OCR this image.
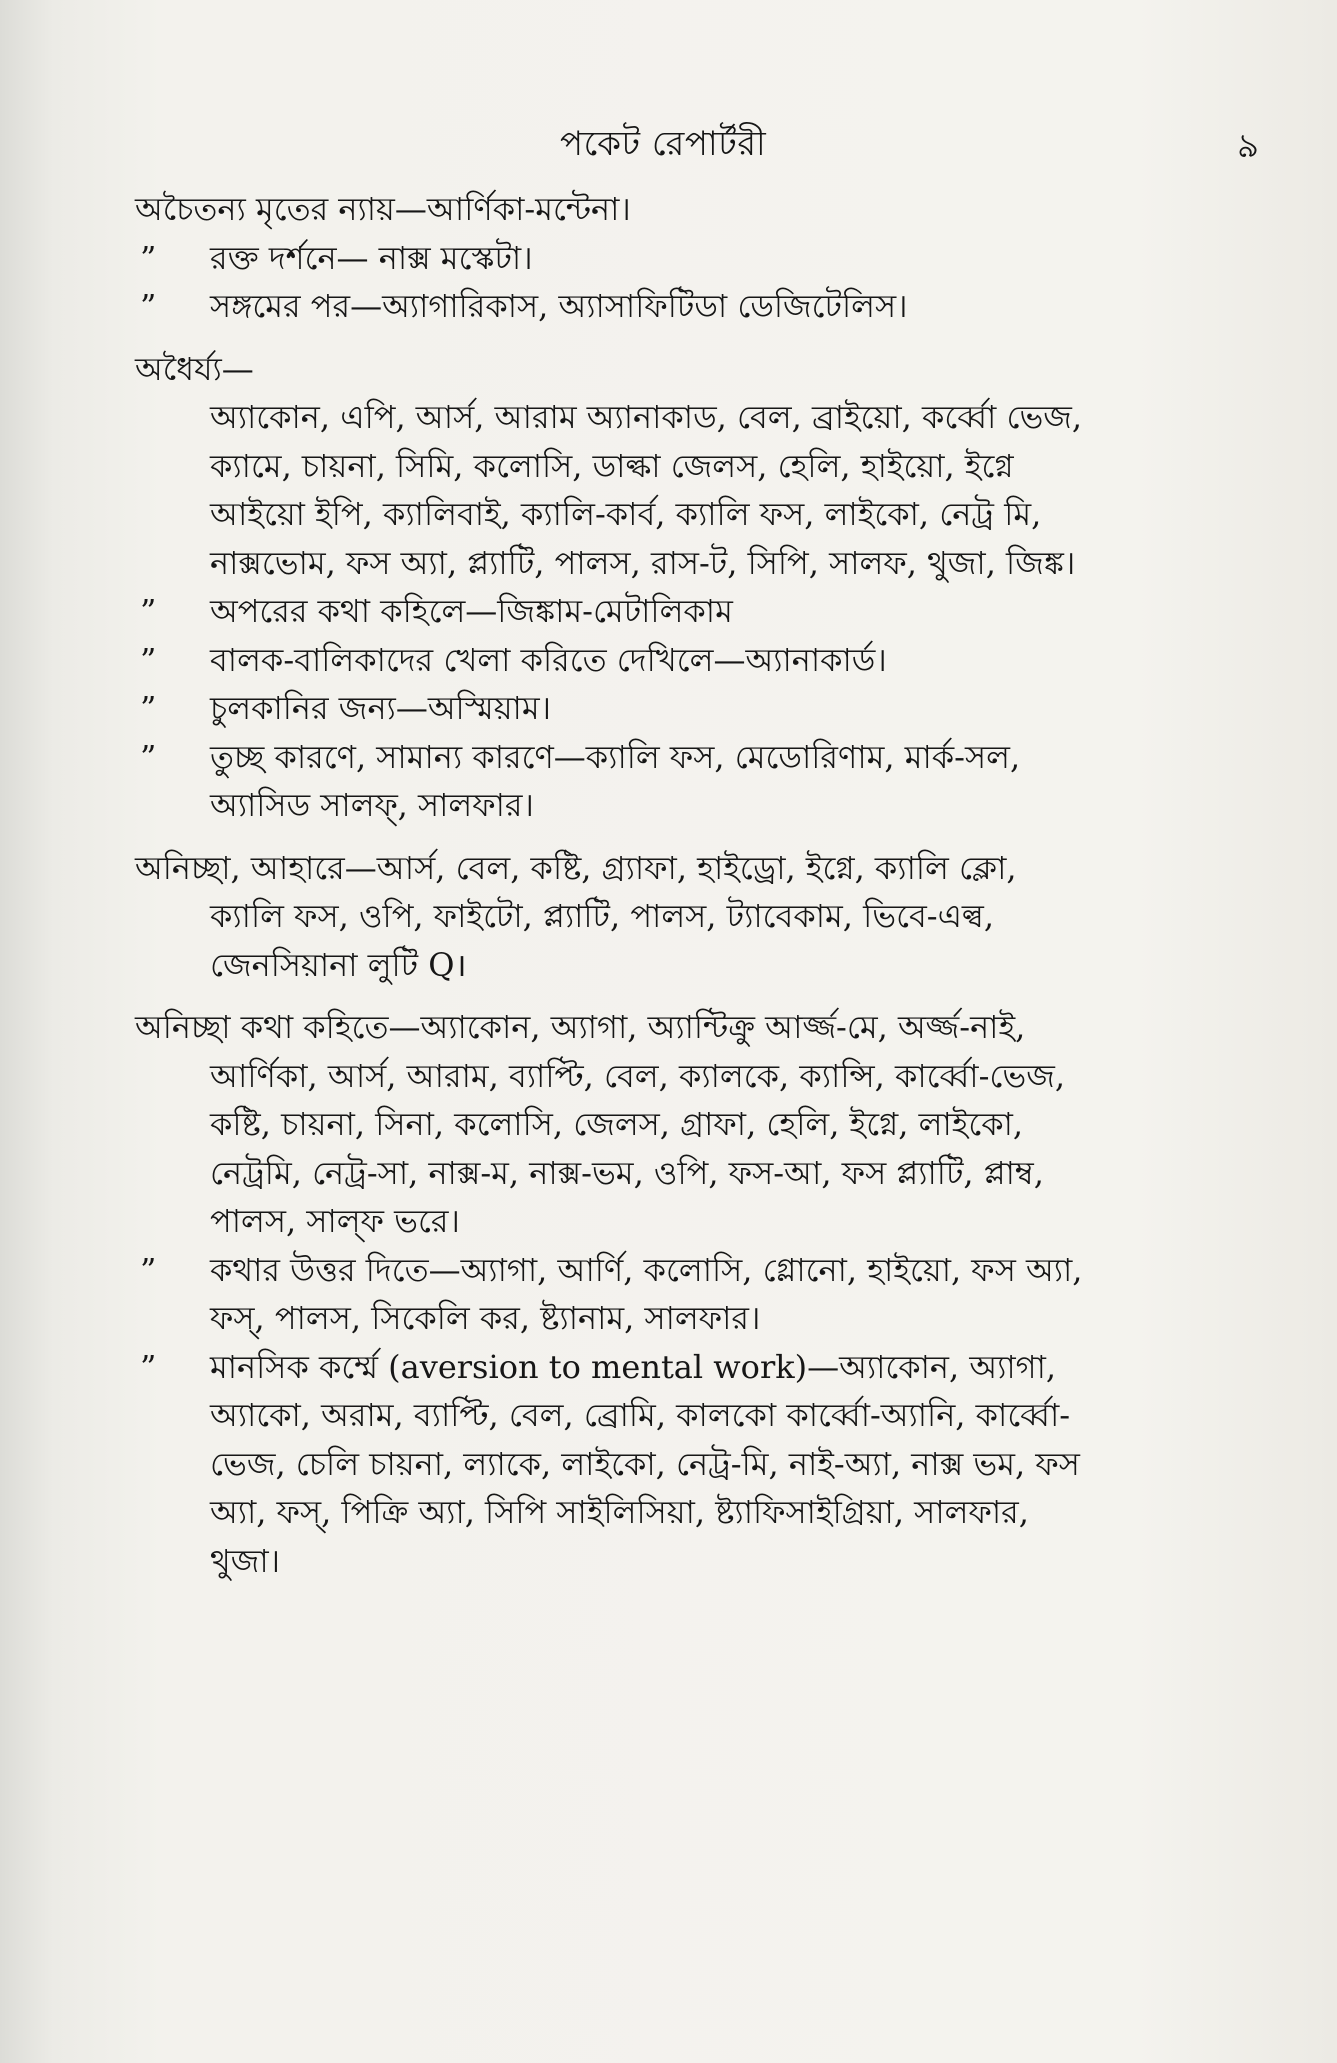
পকেট রেপার্টরী	৯
অচৈতন্য মৃতের ন্যায়—আর্ণিকা-মন্টেনা।
” রক্ত দর্শনে— নাক্স মস্কেটা।
” সঙ্গমের পর—অ্যাগারিকাস, অ্যাসাফিটিডা ডেজিটেলিস।
অধৈর্য্য—
অ্যাকোন, এপি, আর্স, আরাম অ্যানাকাড, বেল, ব্রাইয়ো, কর্ব্বো ভেজ,
ক্যামে, চায়না, সিমি, কলোসি, ডাল্কা জেলস, হেলি, হাইয়ো, ইগ্নে
আইয়ো ইপি, ক্যালিবাই, ক্যালি-কার্ব, ক্যালি ফস, লাইকো, নেট্র মি,
নাক্সভোম, ফস অ্যা, প্ল্যাটি, পালস, রাস-ট, সিপি, সালফ, থুজা, জিঙ্ক।
” অপরের কথা কহিলে—জিঙ্কাম-মেটালিকাম
” বালক-বালিকাদের খেলা করিতে দেখিলে—অ্যানাকার্ড।
” চুলকানির জন্য—অস্মিয়াম।
” তুচ্ছ কারণে, সামান্য কারণে—ক্যালি ফস, মেডোরিণাম, মার্ক-সল,
অ্যাসিড সালফ্, সালফার।
অনিচ্ছা, আহারে—আর্স, বেল, কষ্টি, গ্র্যাফা, হাইড্রো, ইগ্নে, ক্যালি ক্লো,
ক্যালি ফস, ওপি, ফাইটো, প্ল্যাটি, পালস, ট্যাবেকাম, ভিবে-এল্ব,
জেনসিয়ানা লুটি Q।
অনিচ্ছা কথা কহিতে—অ্যাকোন, অ্যাগা, অ্যান্টিক্রু আর্জ্জ-মে, অর্জ্জ-নাই,
আর্ণিকা, আর্স, আরাম, ব্যাপ্টি, বেল, ক্যালকে, ক্যান্সি, কার্ব্বো-ভেজ,
কষ্টি, চায়না, সিনা, কলোসি, জেলস, গ্রাফা, হেলি, ইগ্নে, লাইকো,
নেট্রমি, নেট্র-সা, নাক্স-ম, নাক্স-ভম, ওপি, ফস-আ, ফস প্ল্যাটি, প্লাম্ব,
পালস, সাল্‌ফ ভরে।
” কথার উত্তর দিতে—অ্যাগা, আর্ণি, কলোসি, গ্লোনো, হাইয়ো, ফস অ্যা,
ফস্, পালস, সিকেলি কর, ষ্ট্যানাম, সালফার।
” মানসিক কর্ম্মে (aversion to mental work)—অ্যাকোন, অ্যাগা,
অ্যাকো, অরাম, ব্যাপ্টি, বেল, ব্রোমি, কালকো কার্ব্বো-অ্যানি, কার্ব্বো-
ভেজ, চেলি চায়না, ল্যাকে, লাইকো, নেট্র-মি, নাই-অ্যা, নাক্স ভম, ফস
অ্যা, ফস্, পিক্রি অ্যা, সিপি সাইলিসিয়া, ষ্ট্যাফিসাইগ্রিয়া, সালফার,
থুজা।
